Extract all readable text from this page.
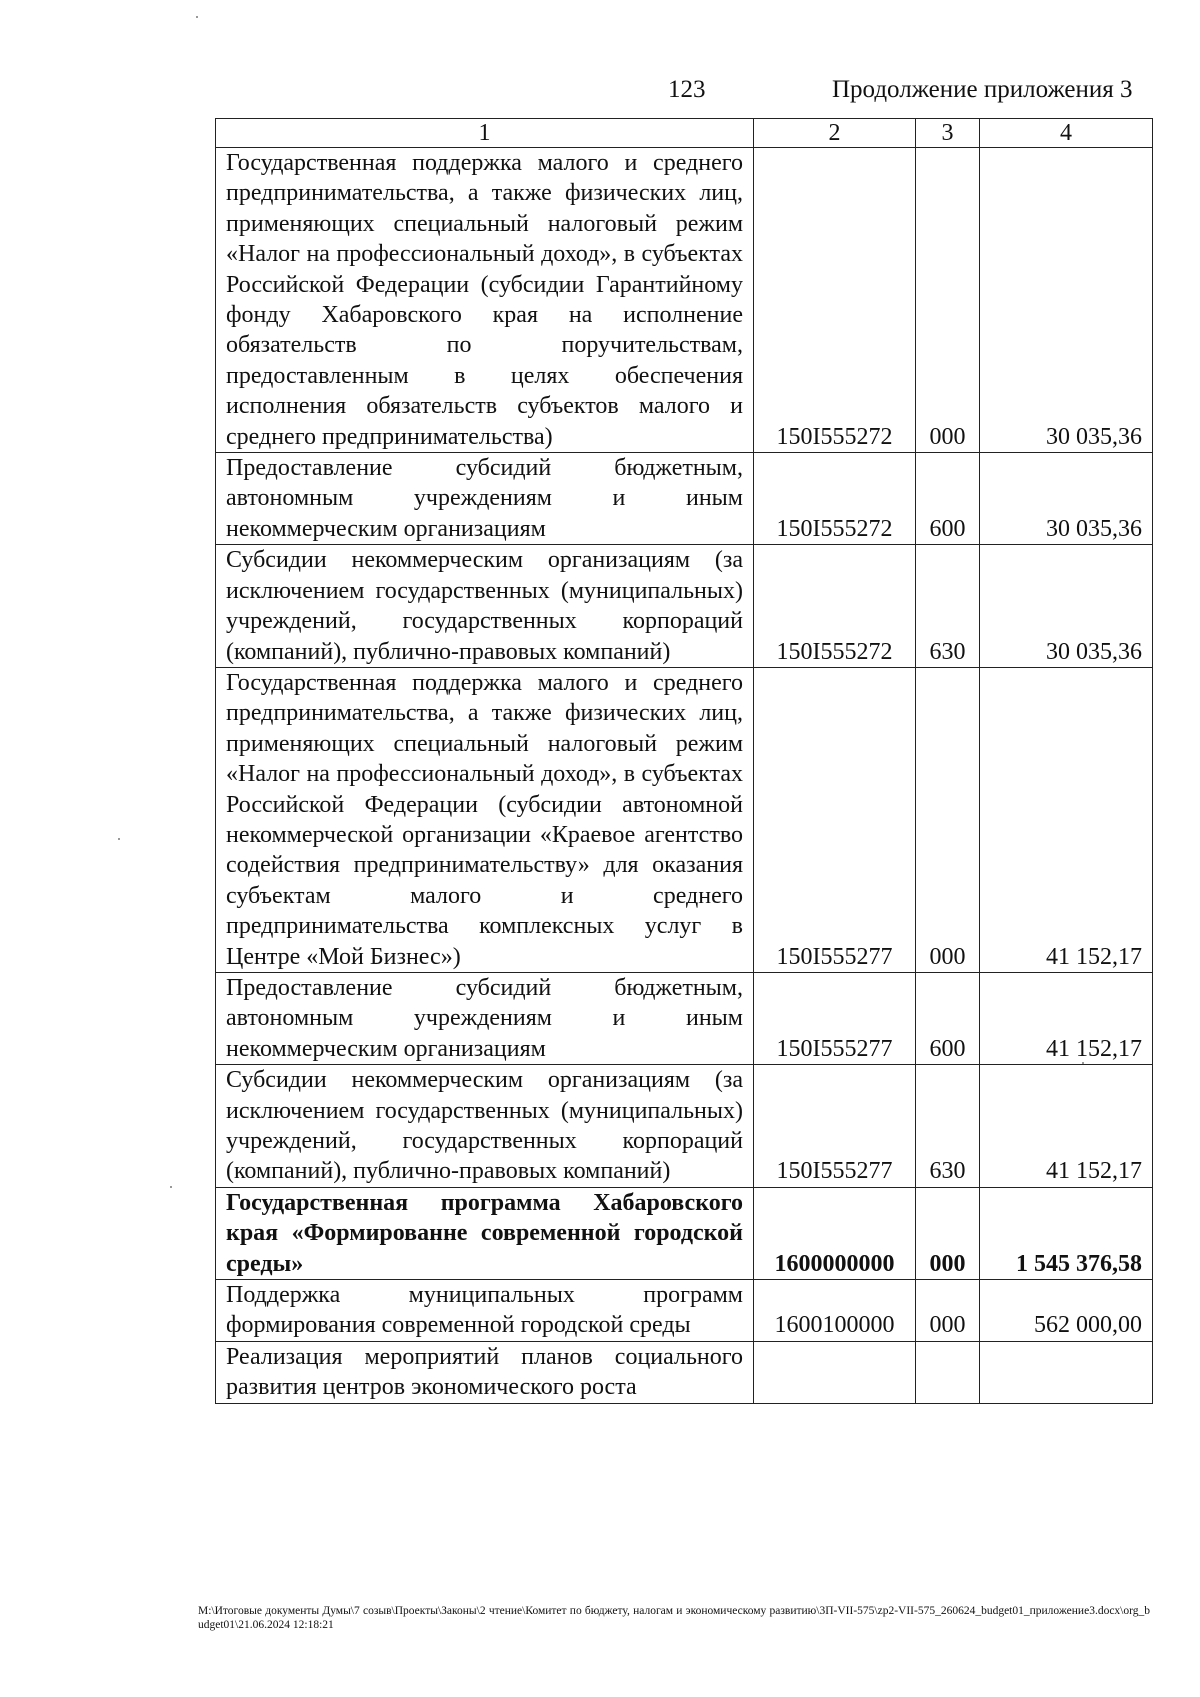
123	Продолжение приложения 3
1	2	3	4
Государственная поддержка малого и среднего предпринимательства, а также физических лиц, применяющих специальный налоговый режим «Налог на профессиональный доход», в субъектах Российской Федерации (субсидии Гарантийному фонду Хабаровского края на исполнение обязательств по поручительствам, предоставленным в целях обеспечения исполнения обязательств субъектов малого и среднего предпринимательства)	150I555272	000	30 035,36
Предоставление субсидий бюджетным, автономным учреждениям и иным некоммерческим организациям	150I555272	600	30 035,36
Субсидии некоммерческим организациям (за исключением государственных (муниципальных) учреждений, государственных корпораций (компаний), публично-правовых компаний)	150I555272	630	30 035,36
Государственная поддержка малого и среднего предпринимательства, а также физических лиц, применяющих специальный налоговый режим «Налог на профессиональный доход», в субъектах Российской Федерации (субсидии автономной некоммерческой организации «Краевое агентство содействия предпринимательству» для оказания субъектам малого и среднего предпринимательства комплексных услуг в Центре «Мой Бизнес»)	150I555277	000	41 152,17
Предоставление субсидий бюджетным, автономным учреждениям и иным некоммерческим организациям	150I555277	600	41 152,17
Субсидии некоммерческим организациям (за исключением государственных (муниципальных) учреждений, государственных корпораций (компаний), публично-правовых компаний)	150I555277	630	41 152,17
Государственная программа Хабаровского края «Формированне современной городской среды»	1600000000	000	1 545 376,58
Поддержка муниципальных программ формирования современной городской среды	1600100000	000	562 000,00
Реализация мероприятий планов социального развития центров экономического роста			
М:\Итоговые документы Думы\7 созыв\Проекты\Законы\2 чтение\Комитет по бюджету, налогам и экономическому развитию\3П-VII-575\zp2-VII-575_260624_budget01_приложение3.docx\org_budget01\21.06.2024 12:18:21
